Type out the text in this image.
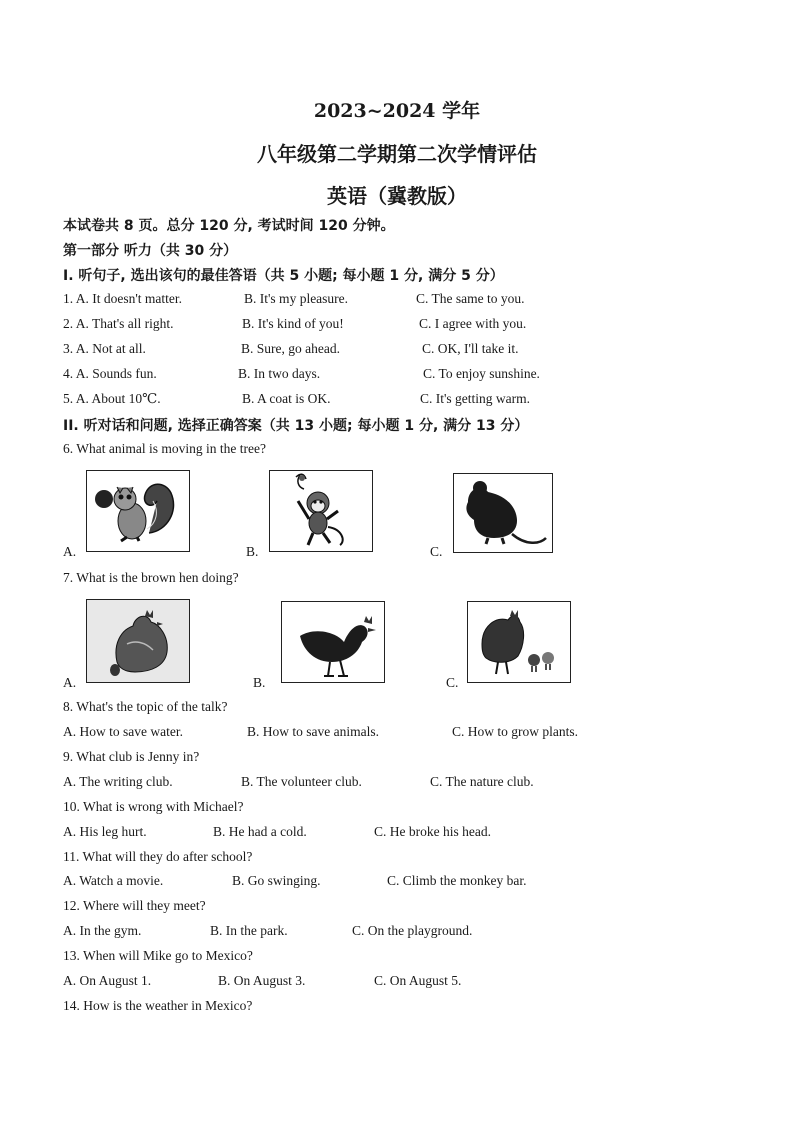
2023~2024 学年
八年级第二学期第二次学情评估
英语（冀教版）
本试卷共 8 页。总分 120 分, 考试时间 120 分钟。
第一部分 听力（共 30 分）
I. 听句子, 选出该句的最佳答语（共 5 小题; 每小题 1 分, 满分 5 分）
1. A. It doesn't matter.	B. It's my pleasure.	C. The same to you.
2. A. That's all right.	B. It's kind of you!	C. I agree with you.
3. A. Not at all.	B. Sure, go ahead.	C. OK, I'll take it.
4. A. Sounds fun.	B. In two days.	C. To enjoy sunshine.
5. A. About 10℃.	B. A coat is OK.	C. It's getting warm.
II. 听对话和问题, 选择正确答案（共 13 小题; 每小题 1 分, 满分 13 分）
6. What animal is moving in the tree?
A.	B.	C.
7. What is the brown hen doing?
A.	B.	C.
8. What's the topic of the talk?
A. How to save water.	B. How to save animals.	C. How to grow plants.
9. What club is Jenny in?
A. The writing club.	B. The volunteer club.	C. The nature club.
10. What is wrong with Michael?
A. His leg hurt.	B. He had a cold.	C. He broke his head.
11. What will they do after school?
A. Watch a movie.	B. Go swinging.	C. Climb the monkey bar.
12. Where will they meet?
A. In the gym.	B. In the park.	C. On the playground.
13. When will Mike go to Mexico?
A. On August 1.	B. On August 3.	C. On August 5.
14. How is the weather in Mexico?
